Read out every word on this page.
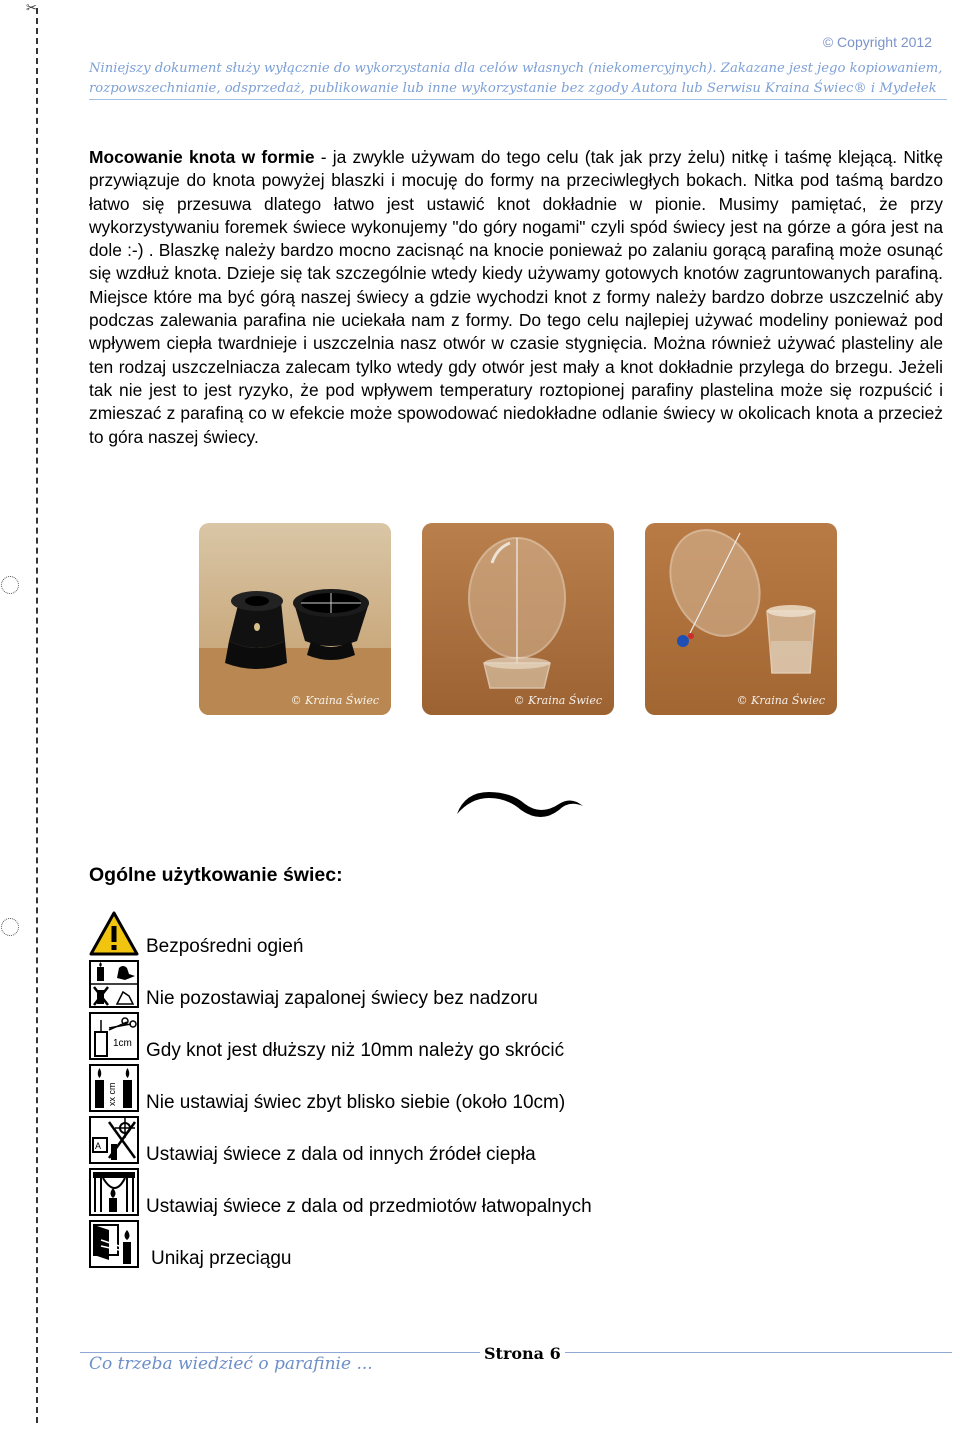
✂
© Copyright 2012
Niniejszy dokument służy wyłącznie do wykorzystania dla celów własnych (niekomercyjnych). Zakazane jest jego kopiowaniem,
rozpowszechnianie, odsprzedaż, publikowanie lub inne wykorzystanie bez zgody Autora lub Serwisu Kraina Świec® i Mydełek
Mocowanie knota w formie - ja zwykle używam do tego celu (tak jak przy żelu) nitkę i taśmę klejącą. Nitkę przywiązuje do knota powyżej blaszki i mocuję do formy na przeciwległych bokach. Nitka pod taśmą bardzo łatwo się przesuwa dlatego łatwo jest ustawić knot dokładnie w pionie. Musimy pamiętać, że przy wykorzystywaniu foremek świece wykonujemy "do góry nogami" czyli spód świecy jest na górze a góra jest na dole :-) . Blaszkę należy bardzo mocno zacisnąć na knocie ponieważ po zalaniu gorącą parafiną może osunąć się wzdłuż knota. Dzieje się tak szczególnie wtedy kiedy używamy gotowych knotów zagruntowanych parafiną. Miejsce które ma być górą naszej świecy a gdzie wychodzi knot z formy należy bardzo dobrze uszczelnić aby podczas zalewania parafina nie uciekała nam z formy. Do tego celu najlepiej używać modeliny ponieważ pod wpływem ciepła twardnieje i uszczelnia nasz otwór w czasie stygnięcia. Można również używać plasteliny ale ten rodzaj uszczelniacza zalecam tylko wtedy gdy otwór jest mały a knot dokładnie przylega do brzegu. Jeżeli tak nie jest to jest ryzyko, że pod wpływem temperatury roztopionej parafiny plastelina może się rozpuścić i zmieszać z parafiną co w efekcie może spowodować niedokładne odlanie świecy w okolicach knota a przecież to góra naszej świecy.
© Kraina Świec	© Kraina Świec	© Kraina Świec
Ogólne użytkowanie świec:
Bezpośredni ogień
Nie pozostawiaj zapalonej świecy bez nadzoru
1cm Gdy knot jest dłuższy niż 10mm należy go skrócić
xx cm Nie ustawiaj świec zbyt blisko siebie (około 10cm)
A Ustawiaj świece z dala od innych źródeł ciepła
Ustawiaj świece z dala od przedmiotów łatwopalnych
Unikaj przeciągu
Co trzeba wiedzieć o parafinie ...
Strona 6
